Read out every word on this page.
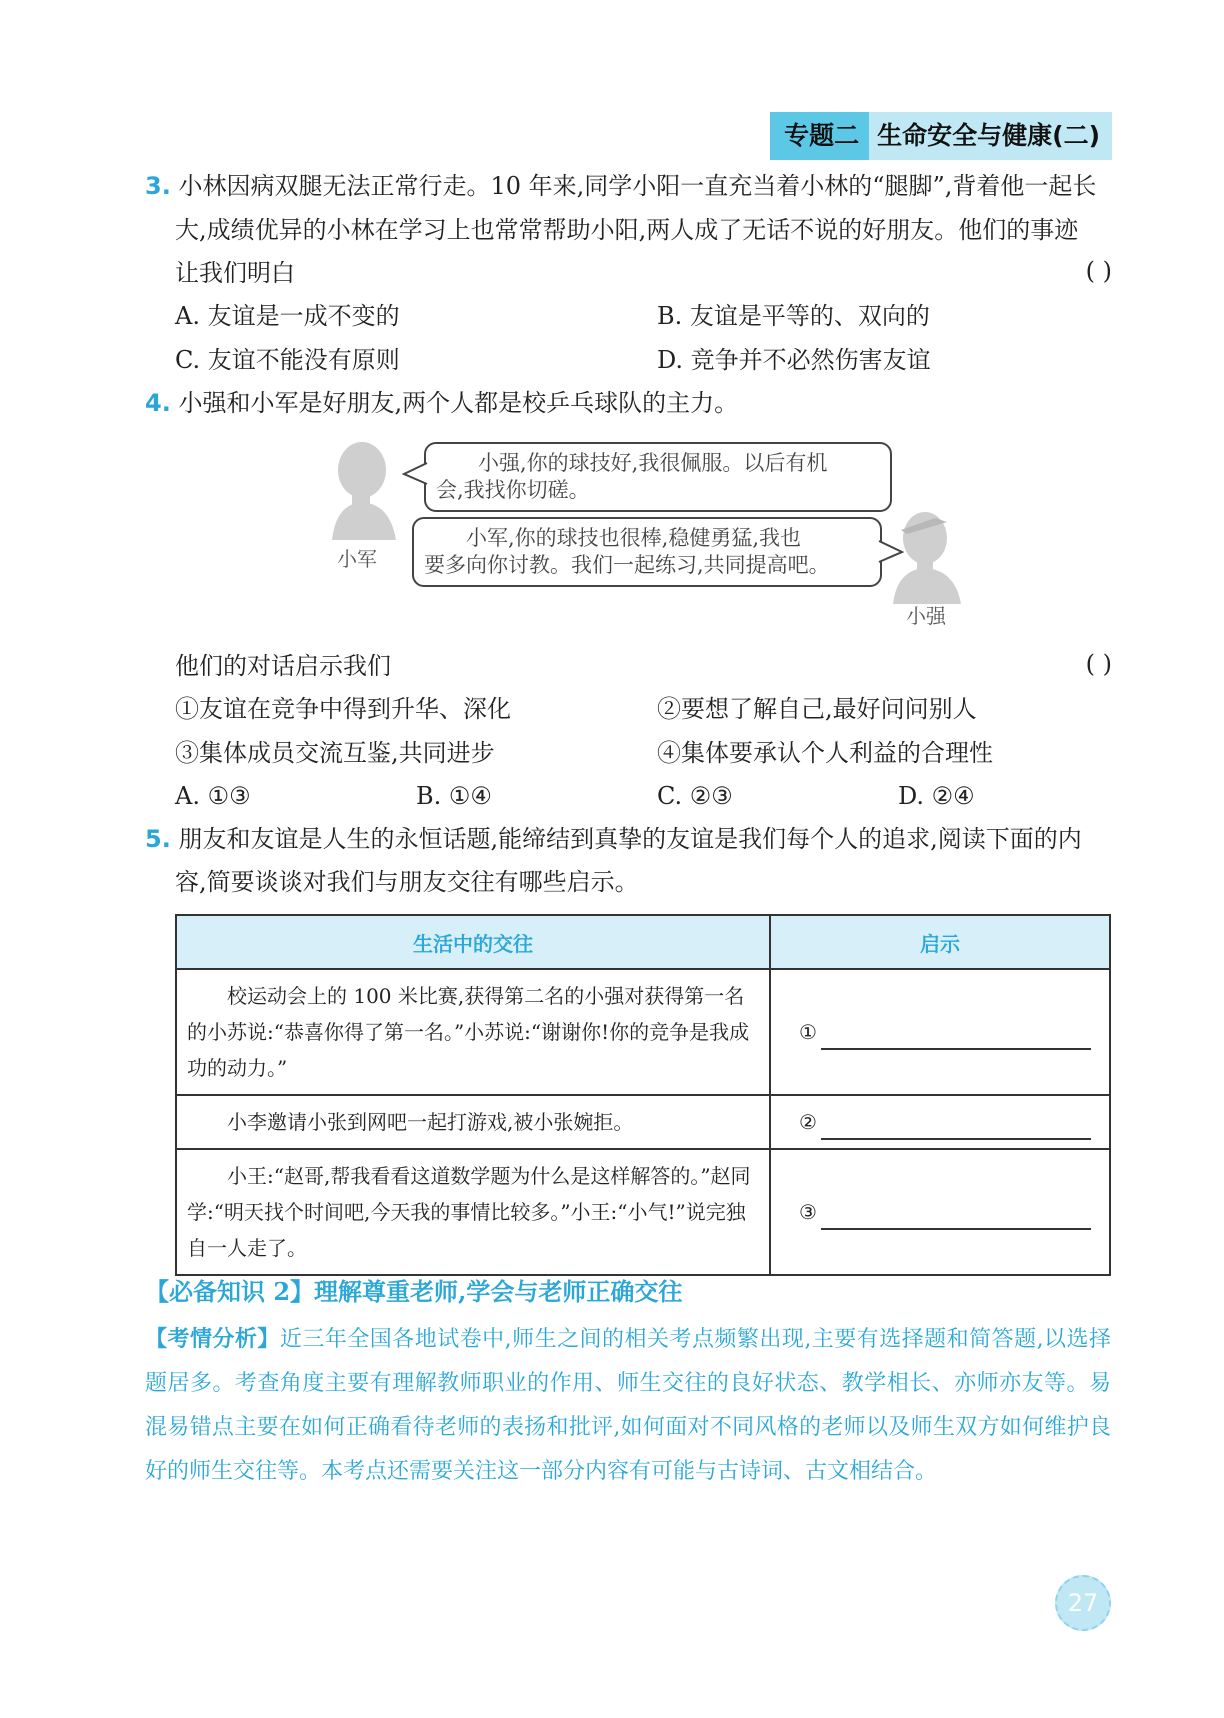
专题二 生命安全与健康(二)
3. 小林因病双腿无法正常行走。10 年来,同学小阳一直充当着小林的“腿脚”,背着他一起长
大,成绩优异的小林在学习上也常常帮助小阳,两人成了无话不说的好朋友。他们的事迹
让我们明白	( )
A. 友谊是一成不变的	B. 友谊是平等的、双向的
C. 友谊不能没有原则	D. 竞争并不必然伤害友谊
4. 小强和小军是好朋友,两个人都是校乒乓球队的主力。
小强,你的球技好,我很佩服。以后有机
会,我找你切磋。
小军,你的球技也很棒,稳健勇猛,我也
要多向你讨教。我们一起练习,共同提高吧。
小军
小强
他们的对话启示我们	( )
①友谊在竞争中得到升华、深化	②要想了解自己,最好问问别人
③集体成员交流互鉴,共同进步	④集体要承认个人利益的合理性
A. ①③	B. ①④	C. ②③	D. ②④
5. 朋友和友谊是人生的永恒话题,能缔结到真挚的友谊是我们每个人的追求,阅读下面的内
容,简要谈谈对我们与朋友交往有哪些启示。
生活中的交往	启示
校运动会上的 100 米比赛,获得第二名的小强对获得第一名的小苏说:“恭喜你得了第一名。”小苏说:“谢谢你!你的竞争是我成功的动力。”	①
小李邀请小张到网吧一起打游戏,被小张婉拒。	②
小王:“赵哥,帮我看看这道数学题为什么是这样解答的。”赵同学:“明天找个时间吧,今天我的事情比较多。”小王:“小气!”说完独自一人走了。	③
【必备知识 2】理解尊重老师,学会与老师正确交往
【考情分析】近三年全国各地试卷中,师生之间的相关考点频繁出现,主要有选择题和简答题,以选择题居多。考查角度主要有理解教师职业的作用、师生交往的良好状态、教学相长、亦师亦友等。易混易错点主要在如何正确看待老师的表扬和批评,如何面对不同风格的老师以及师生双方如何维护良好的师生交往等。本考点还需要关注这一部分内容有可能与古诗词、古文相结合。
27
